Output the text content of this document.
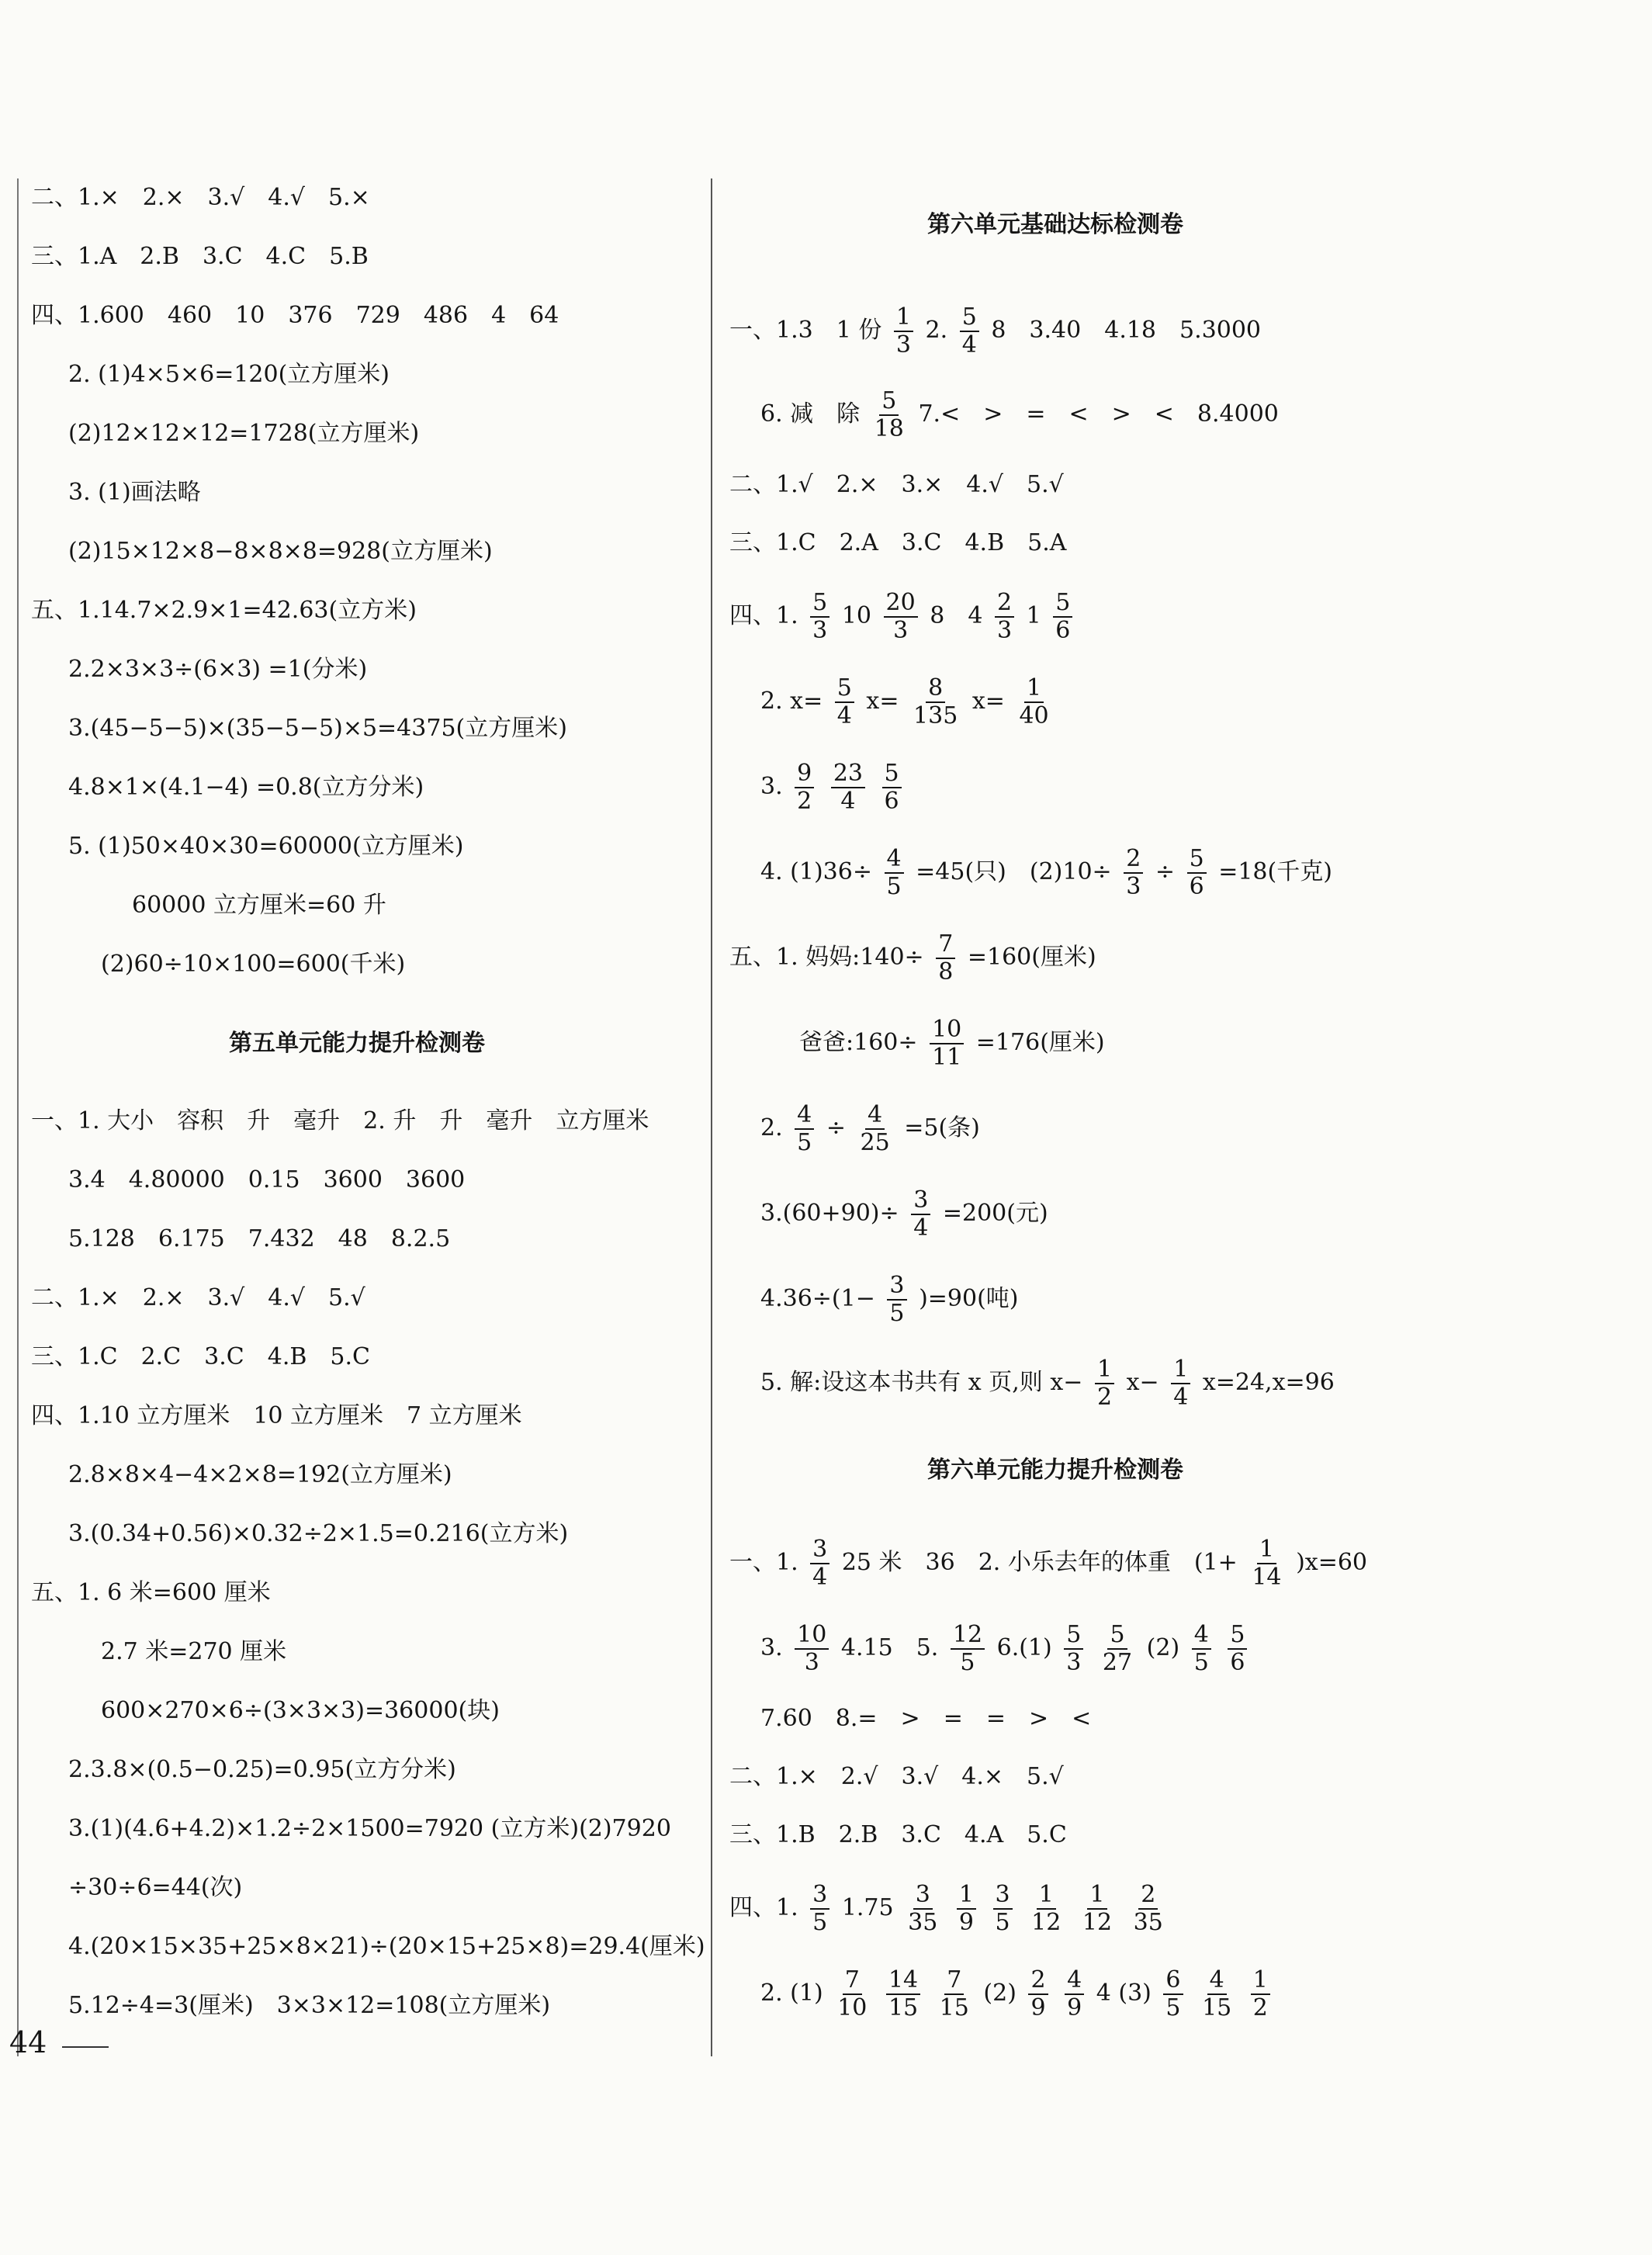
二、1.×　2.×　3.√　4.√　5.×
三、1.A　2.B　3.C　4.C　5.B
四、1.600　460　10　376　729　486　4　64
2. (1)4×5×6=120(立方厘米)
(2)12×12×12=1728(立方厘米)
3. (1)画法略
(2)15×12×8−8×8×8=928(立方厘米)
五、1.14.7×2.9×1=42.63(立方米)
2.2×3×3÷(6×3) =1(分米)
3.(45−5−5)×(35−5−5)×5=4375(立方厘米)
4.8×1×(4.1−4) =0.8(立方分米)
5. (1)50×40×30=60000(立方厘米)
60000 立方厘米=60 升
(2)60÷10×100=600(千米)
第五单元能力提升检测卷
一、1. 大小　容积　升　毫升　2. 升　升　毫升　立方厘米
3.4　4.80000　0.15　3600　3600
5.128　6.175　7.432　48　8.2.5
二、1.×　2.×　3.√　4.√　5.√
三、1.C　2.C　3.C　4.B　5.C
四、1.10 立方厘米　10 立方厘米　7 立方厘米
2.8×8×4−4×2×8=192(立方厘米)
3.(0.34+0.56)×0.32÷2×1.5=0.216(立方米)
五、1. 6 米=600 厘米
2.7 米=270 厘米
600×270×6÷(3×3×3)=36000(块)
2.3.8×(0.5−0.25)=0.95(立方分米)
3.(1)(4.6+4.2)×1.2÷2×1500=7920 (立方米)(2)7920
÷30÷6=44(次)
4.(20×15×35+25×8×21)÷(20×15+25×8)=29.4(厘米)
5.12÷4=3(厘米)　3×3×12=108(立方厘米)
第六单元基础达标检测卷
一、1.3　1 份 $\frac{1}{3} 2$. $\frac{5}{4} 8$　3.40　4.18　5.3000
6. 减　除 $\frac{5}{18} 7.<$　>　=　<　>　<　8.4000
二、1.√　2.×　3.×　4.√　5.√
三、1.C　2.A　3.C　4.B　5.A
四、1. $\frac{5}{3} 10 \frac{20}{3} 8$　$4 \frac{2}{3} 1 \frac{5}{6}$
2. $x= \frac{5}{4} x= \frac{8}{135} x= \frac{1}{40}$
3. $\frac{9}{2}$
$\frac{23}{4}$
$\frac{5}{6}$
4. $(1)36\div \frac{4}{5} =45$(只)　$(2)10\div \frac{2}{3} \div \frac{5}{6} =18$(千克)
五、1. 妈妈:140÷ $\frac{7}{8} =160$(厘米)
爸爸:160÷ $\frac{10}{11} =176$(厘米)
2. $\frac{4}{5} \div \frac{4}{25} =5$(条)
$3.(60+90)\div \frac{3}{4} =200$(元)
$4.36\div(1- \frac{3}{5} )=90$(吨)
5. 解:设这本书共有 x 页,则 $x- \frac{1}{2} x- \frac{1}{4} x=24,x=96$
第六单元能力提升检测卷
一、1. $\frac{3}{4} 25$ 米　36　2. 小乐去年的体重　$(1+ \frac{1}{14} )x=60$
3. $\frac{10}{3} 4.15$　5. $\frac{12}{5} 6.(1) \frac{5}{3}$
$\frac{5}{27} (2) \frac{4}{5}$
$\frac{5}{6}$
7.60　8.=　>　=　=　>　<
二、1.×　2.√　3.√　4.×　5.√
三、1.B　2.B　3.C　4.A　5.C
四、1. $\frac{3}{5} 1.75 \frac{3}{35}$
$\frac{1}{9}$
$\frac{3}{5}$
$\frac{1}{12}$
$\frac{1}{12}$
$\frac{2}{35}$
2. $(1) \frac{7}{10}$
$\frac{14}{15}$
$\frac{7}{15} (2) \frac{2}{9}$
$\frac{4}{9} 4$ $(3) \frac{6}{5}$
$\frac{4}{15}$
$\frac{1}{2}$
44
